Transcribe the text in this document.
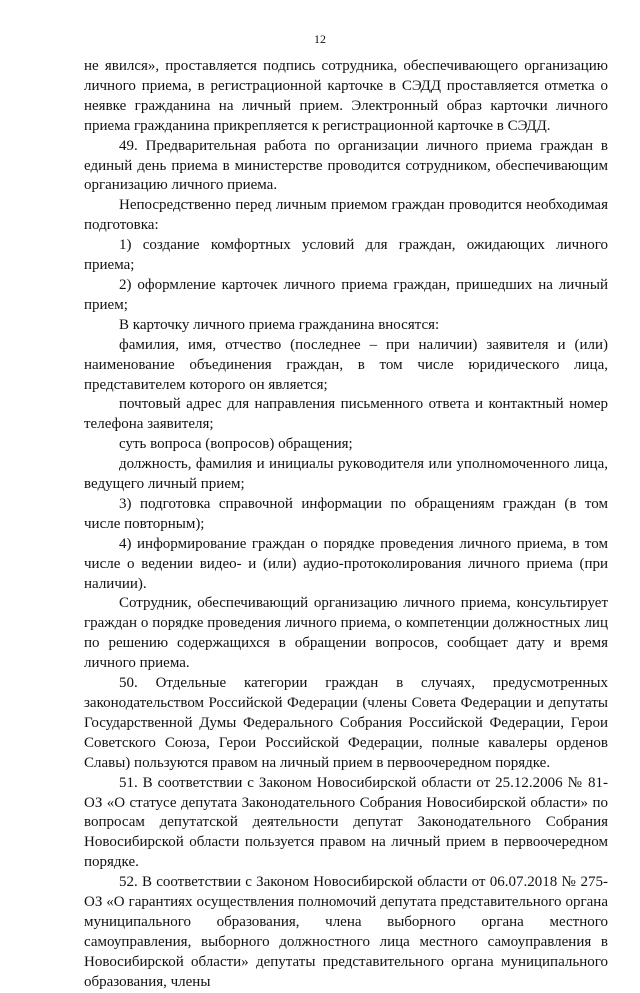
12

не явился», проставляется подпись сотрудника, обеспечивающего организацию личного приема, в регистрационной карточке в СЭДД проставляется отметка о неявке гражданина на личный прием. Электронный образ карточки личного приема гражданина прикрепляется к регистрационной карточке в СЭДД.

49. Предварительная работа по организации личного приема граждан в единый день приема в министерстве проводится сотрудником, обеспечивающим организацию личного приема.

Непосредственно перед личным приемом граждан проводится необходимая подготовка:

1) создание комфортных условий для граждан, ожидающих личного приема;

2) оформление карточек личного приема граждан, пришедших на личный прием;

В карточку личного приема гражданина вносятся:

фамилия, имя, отчество (последнее – при наличии) заявителя и (или) наименование объединения граждан, в том числе юридического лица, представителем которого он является;

почтовый адрес для направления письменного ответа и контактный номер телефона заявителя;

суть вопроса (вопросов) обращения;

должность, фамилия и инициалы руководителя или уполномоченного лица, ведущего личный прием;

3) подготовка справочной информации по обращениям граждан (в том числе повторным);

4) информирование граждан о порядке проведения личного приема, в том числе о ведении видео- и (или) аудио-протоколирования личного приема (при наличии).

Сотрудник, обеспечивающий организацию личного приема, консультирует граждан о порядке проведения личного приема, о компетенции должностных лиц по решению содержащихся в обращении вопросов, сообщает дату и время личного приема.

50. Отдельные категории граждан в случаях, предусмотренных законодательством Российской Федерации (члены Совета Федерации и депутаты Государственной Думы Федерального Собрания Российской Федерации, Герои Советского Союза, Герои Российской Федерации, полные кавалеры орденов Славы) пользуются правом на личный прием в первоочередном порядке.

51. В соответствии с Законом Новосибирской области от 25.12.2006 № 81-ОЗ «О статусе депутата Законодательного Собрания Новосибирской области» по вопросам депутатской деятельности депутат Законодательного Собрания Новосибирской области пользуется правом на личный прием в первоочередном порядке.

52. В соответствии с Законом Новосибирской области от 06.07.2018 № 275-ОЗ «О гарантиях осуществления полномочий депутата представительного органа муниципального образования, члена выборного органа местного самоуправления, выборного должностного лица местного самоуправления в Новосибирской области» депутаты представительного органа муниципального образования, члены
